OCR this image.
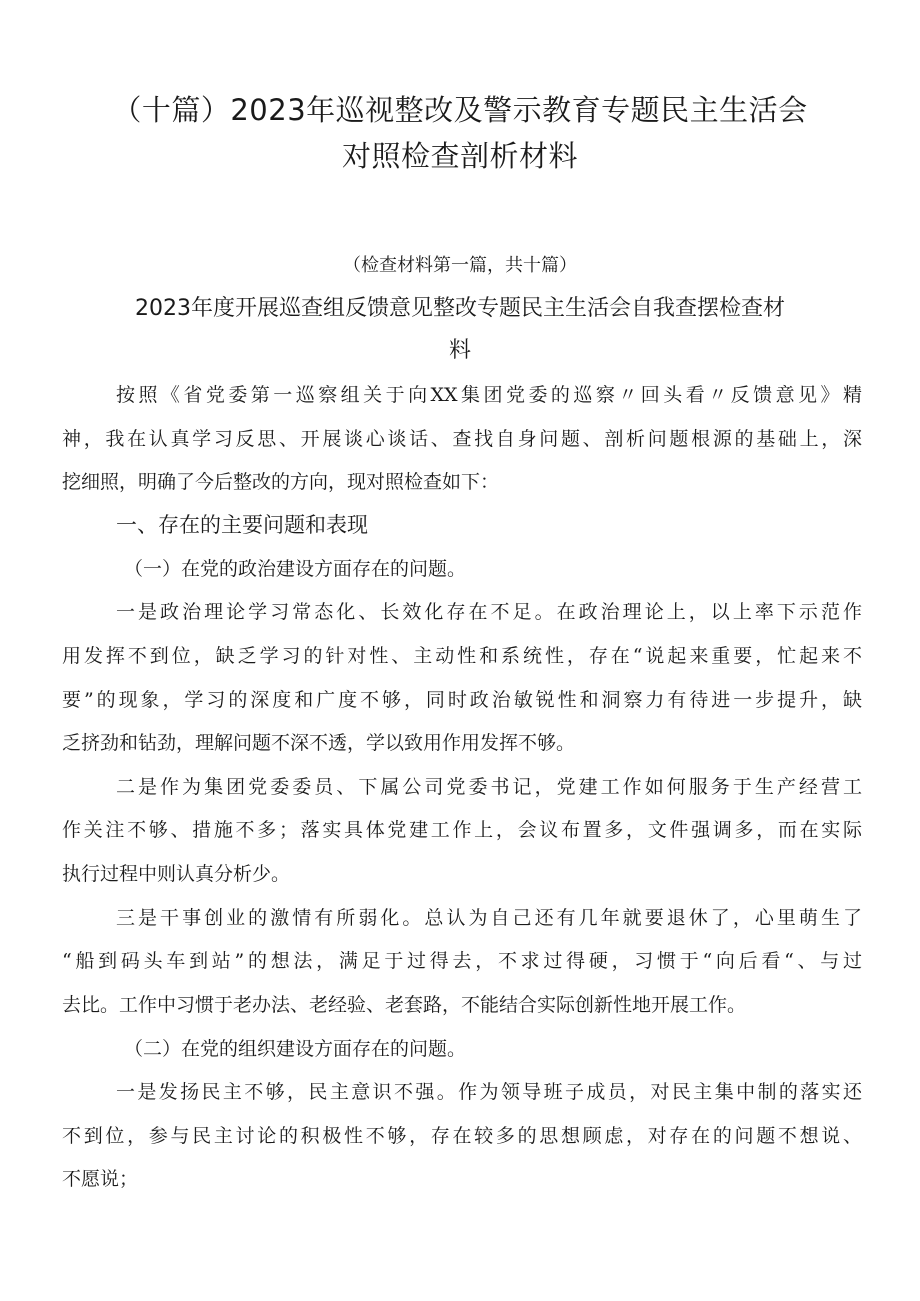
（十篇）2023年巡视整改及警示教育专题民主生活会
对照检查剖析材料
（检查材料第一篇，共十篇）
2023年度开展巡查组反馈意见整改专题民主生活会自我查摆检查材
料
按照《省党委第一巡察组关于向XX集团党委的巡察〃回头看〃反馈意见》精
神，我在认真学习反思、开展谈心谈话、查找自身问题、剖析问题根源的基础上，深
挖细照，明确了今后整改的方向，现对照检查如下：
一、存在的主要问题和表现
（一）在党的政治建设方面存在的问题。
一是政治理论学习常态化、长效化存在不足。在政治理论上，以上率下示范作
用发挥不到位，缺乏学习的针对性、主动性和系统性，存在“说起来重要，忙起来不
要”的现象，学习的深度和广度不够，同时政治敏锐性和洞察力有待进一步提升，缺
乏挤劲和钻劲，理解问题不深不透，学以致用作用发挥不够。
二是作为集团党委委员、下属公司党委书记，党建工作如何服务于生产经营工
作关注不够、措施不多；落实具体党建工作上，会议布置多，文件强调多，而在实际
执行过程中则认真分析少。
三是干事创业的激情有所弱化。总认为自己还有几年就要退休了，心里萌生了
“船到码头车到站”的想法，满足于过得去，不求过得硬，习惯于“向后看“、与过
去比。工作中习惯于老办法、老经验、老套路，不能结合实际创新性地开展工作。
（二）在党的组织建设方面存在的问题。
一是发扬民主不够，民主意识不强。作为领导班子成员，对民主集中制的落实还
不到位，参与民主讨论的积极性不够，存在较多的思想顾虑，对存在的问题不想说、
不愿说；
